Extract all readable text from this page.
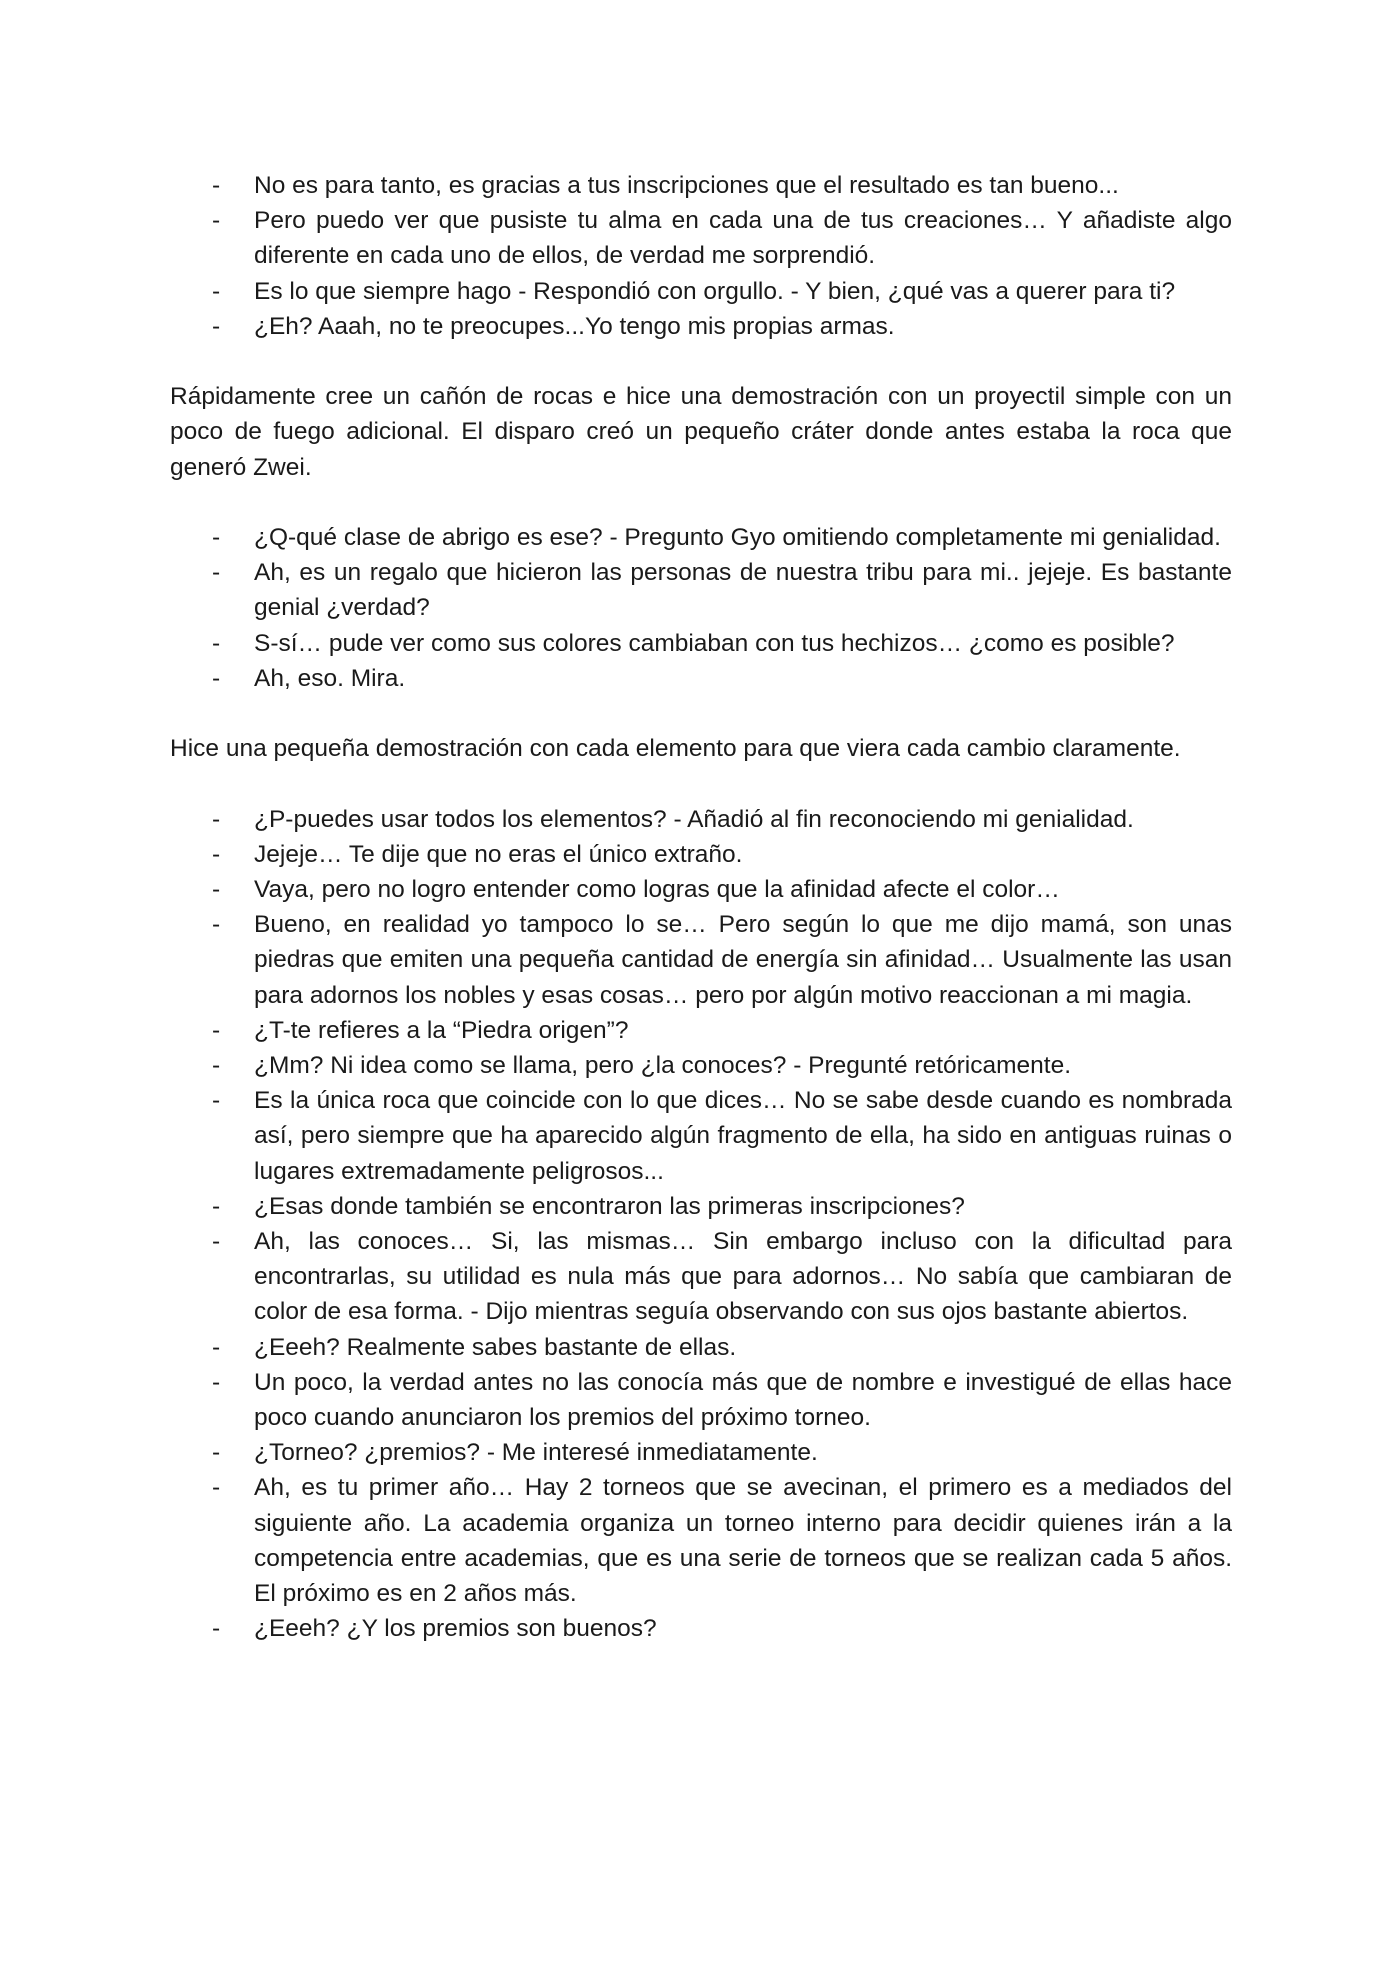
- No es para tanto, es gracias a tus inscripciones que el resultado es tan bueno...
- Pero puedo ver que pusiste tu alma en cada una de tus creaciones… Y añadiste algo diferente en cada uno de ellos, de verdad me sorprendió.
- Es lo que siempre hago - Respondió con orgullo. - Y bien, ¿qué vas a querer para ti?
- ¿Eh? Aaah, no te preocupes...Yo tengo mis propias armas.

Rápidamente cree un cañón de rocas e hice una demostración con un proyectil simple con un poco de fuego adicional. El disparo creó un pequeño cráter donde antes estaba la roca que generó Zwei.

- ¿Q-qué clase de abrigo es ese? - Pregunto Gyo omitiendo completamente mi genialidad.
- Ah, es un regalo que hicieron las personas de nuestra tribu para mi.. jejeje. Es bastante genial ¿verdad?
- S-sí… pude ver como sus colores cambiaban con tus hechizos… ¿como es posible?
- Ah, eso. Mira.

Hice una pequeña demostración con cada elemento para que viera cada cambio claramente.

- ¿P-puedes usar todos los elementos? - Añadió al fin reconociendo mi genialidad.
- Jejeje… Te dije que no eras el único extraño.
- Vaya, pero no logro entender como logras que la afinidad afecte el color…
- Bueno, en realidad yo tampoco lo se… Pero según lo que me dijo mamá, son unas piedras que emiten una pequeña cantidad de energía sin afinidad… Usualmente las usan para adornos los nobles y esas cosas… pero por algún motivo reaccionan a mi magia.
- ¿T-te refieres a la “Piedra origen”?
- ¿Mm? Ni idea como se llama, pero ¿la conoces? - Pregunté retóricamente.
- Es la única roca que coincide con lo que dices… No se sabe desde cuando es nombrada así, pero siempre que ha aparecido algún fragmento de ella, ha sido en antiguas ruinas o lugares extremadamente peligrosos...
- ¿Esas donde también se encontraron las primeras inscripciones?
- Ah, las conoces… Si, las mismas… Sin embargo incluso con la dificultad para encontrarlas, su utilidad es nula más que para adornos… No sabía que cambiaran de color de esa forma. - Dijo mientras seguía observando con sus ojos bastante abiertos.
- ¿Eeeh? Realmente sabes bastante de ellas.
- Un poco, la verdad antes no las conocía más que de nombre e investigué de ellas hace poco cuando anunciaron los premios del próximo torneo.
- ¿Torneo? ¿premios? - Me interesé inmediatamente.
- Ah, es tu primer año… Hay 2 torneos que se avecinan, el primero es a mediados del siguiente año. La academia organiza un torneo interno para decidir quienes irán a la competencia entre academias, que es una serie de torneos que se realizan cada 5 años. El próximo es en 2 años más.
- ¿Eeeh? ¿Y los premios son buenos?
